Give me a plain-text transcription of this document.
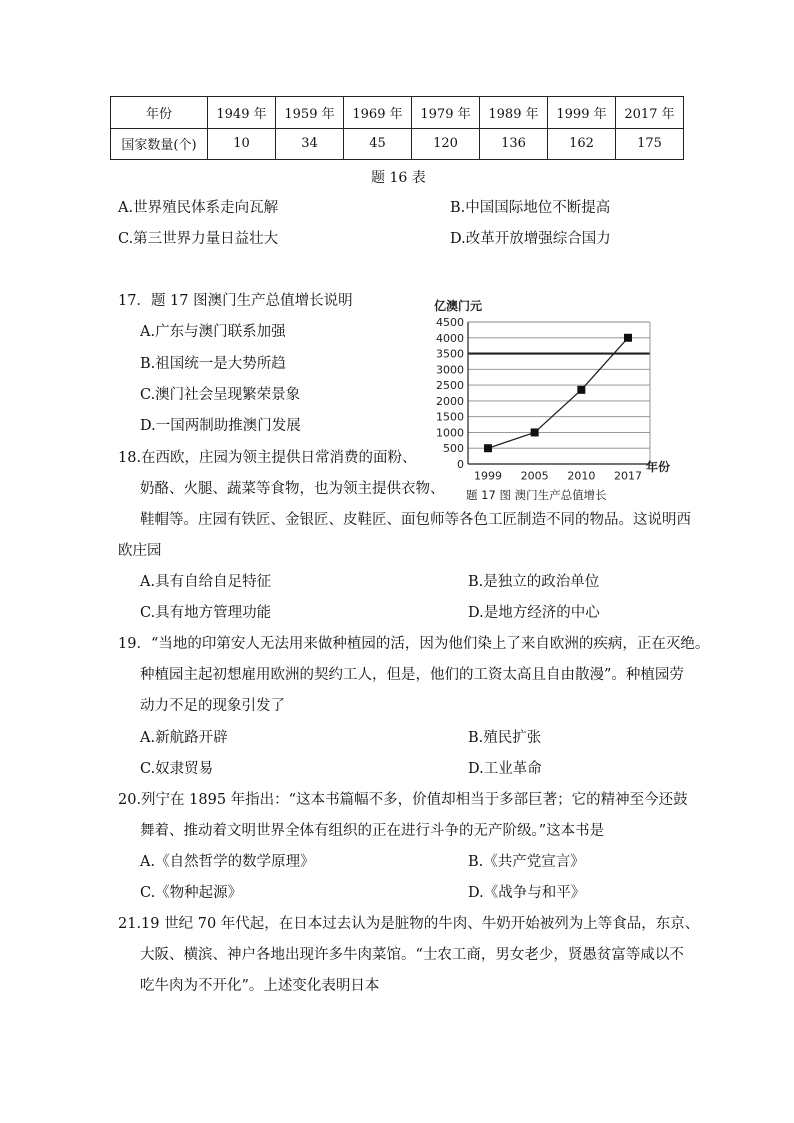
年份	1949 年	1959 年	1969 年	1979 年	1989 年	1999 年	2017 年
国家数量(个)	10	34	45	120	136	162	175
题 16 表
A.世界殖民体系走向瓦解	B.中国国际地位不断提高
C.第三世界力量日益壮大	D.改革开放增强综合国力
17．题 17 图澳门生产总值增长说明
A.广东与澳门联系加强
B.祖国统一是大势所趋
C.澳门社会呈现繁荣景象
D.一国两制助推澳门发展
亿澳门元
0
500
1000
1500
2000
2500
3000
3500
4000
4500
1999 2005 2010 2017
年份
题 17 图 澳门生产总值增长
18.在西欧，庄园为领主提供日常消费的面粉、
奶酪、火腿、蔬菜等食物，也为领主提供衣物、
鞋帽等。庄园有铁匠、金银匠、皮鞋匠、面包师等各色工匠制造不同的物品。这说明西
欧庄园
A.具有自给自足特征	B.是独立的政治单位
C.具有地方管理功能	D.是地方经济的中心
19．“当地的印第安人无法用来做种植园的活，因为他们染上了来自欧洲的疾病，正在灭绝。
种植园主起初想雇用欧洲的契约工人，但是，他们的工资太高且自由散漫”。种植园劳
动力不足的现象引发了
A.新航路开辟	B.殖民扩张
C.奴隶贸易	D.工业革命
20.列宁在 1895 年指出：“这本书篇幅不多，价值却相当于多部巨著；它的精神至今还鼓
舞着、推动着文明世界全体有组织的正在进行斗争的无产阶级。”这本书是
A.《自然哲学的数学原理》	B.《共产党宣言》
C.《物种起源》	D.《战争与和平》
21.19 世纪 70 年代起，在日本过去认为是脏物的牛肉、牛奶开始被列为上等食品，东京、
大阪、横滨、神户各地出现许多牛肉菜馆。“士农工商，男女老少，贤愚贫富等咸以不
吃牛肉为不开化”。上述变化表明日本
